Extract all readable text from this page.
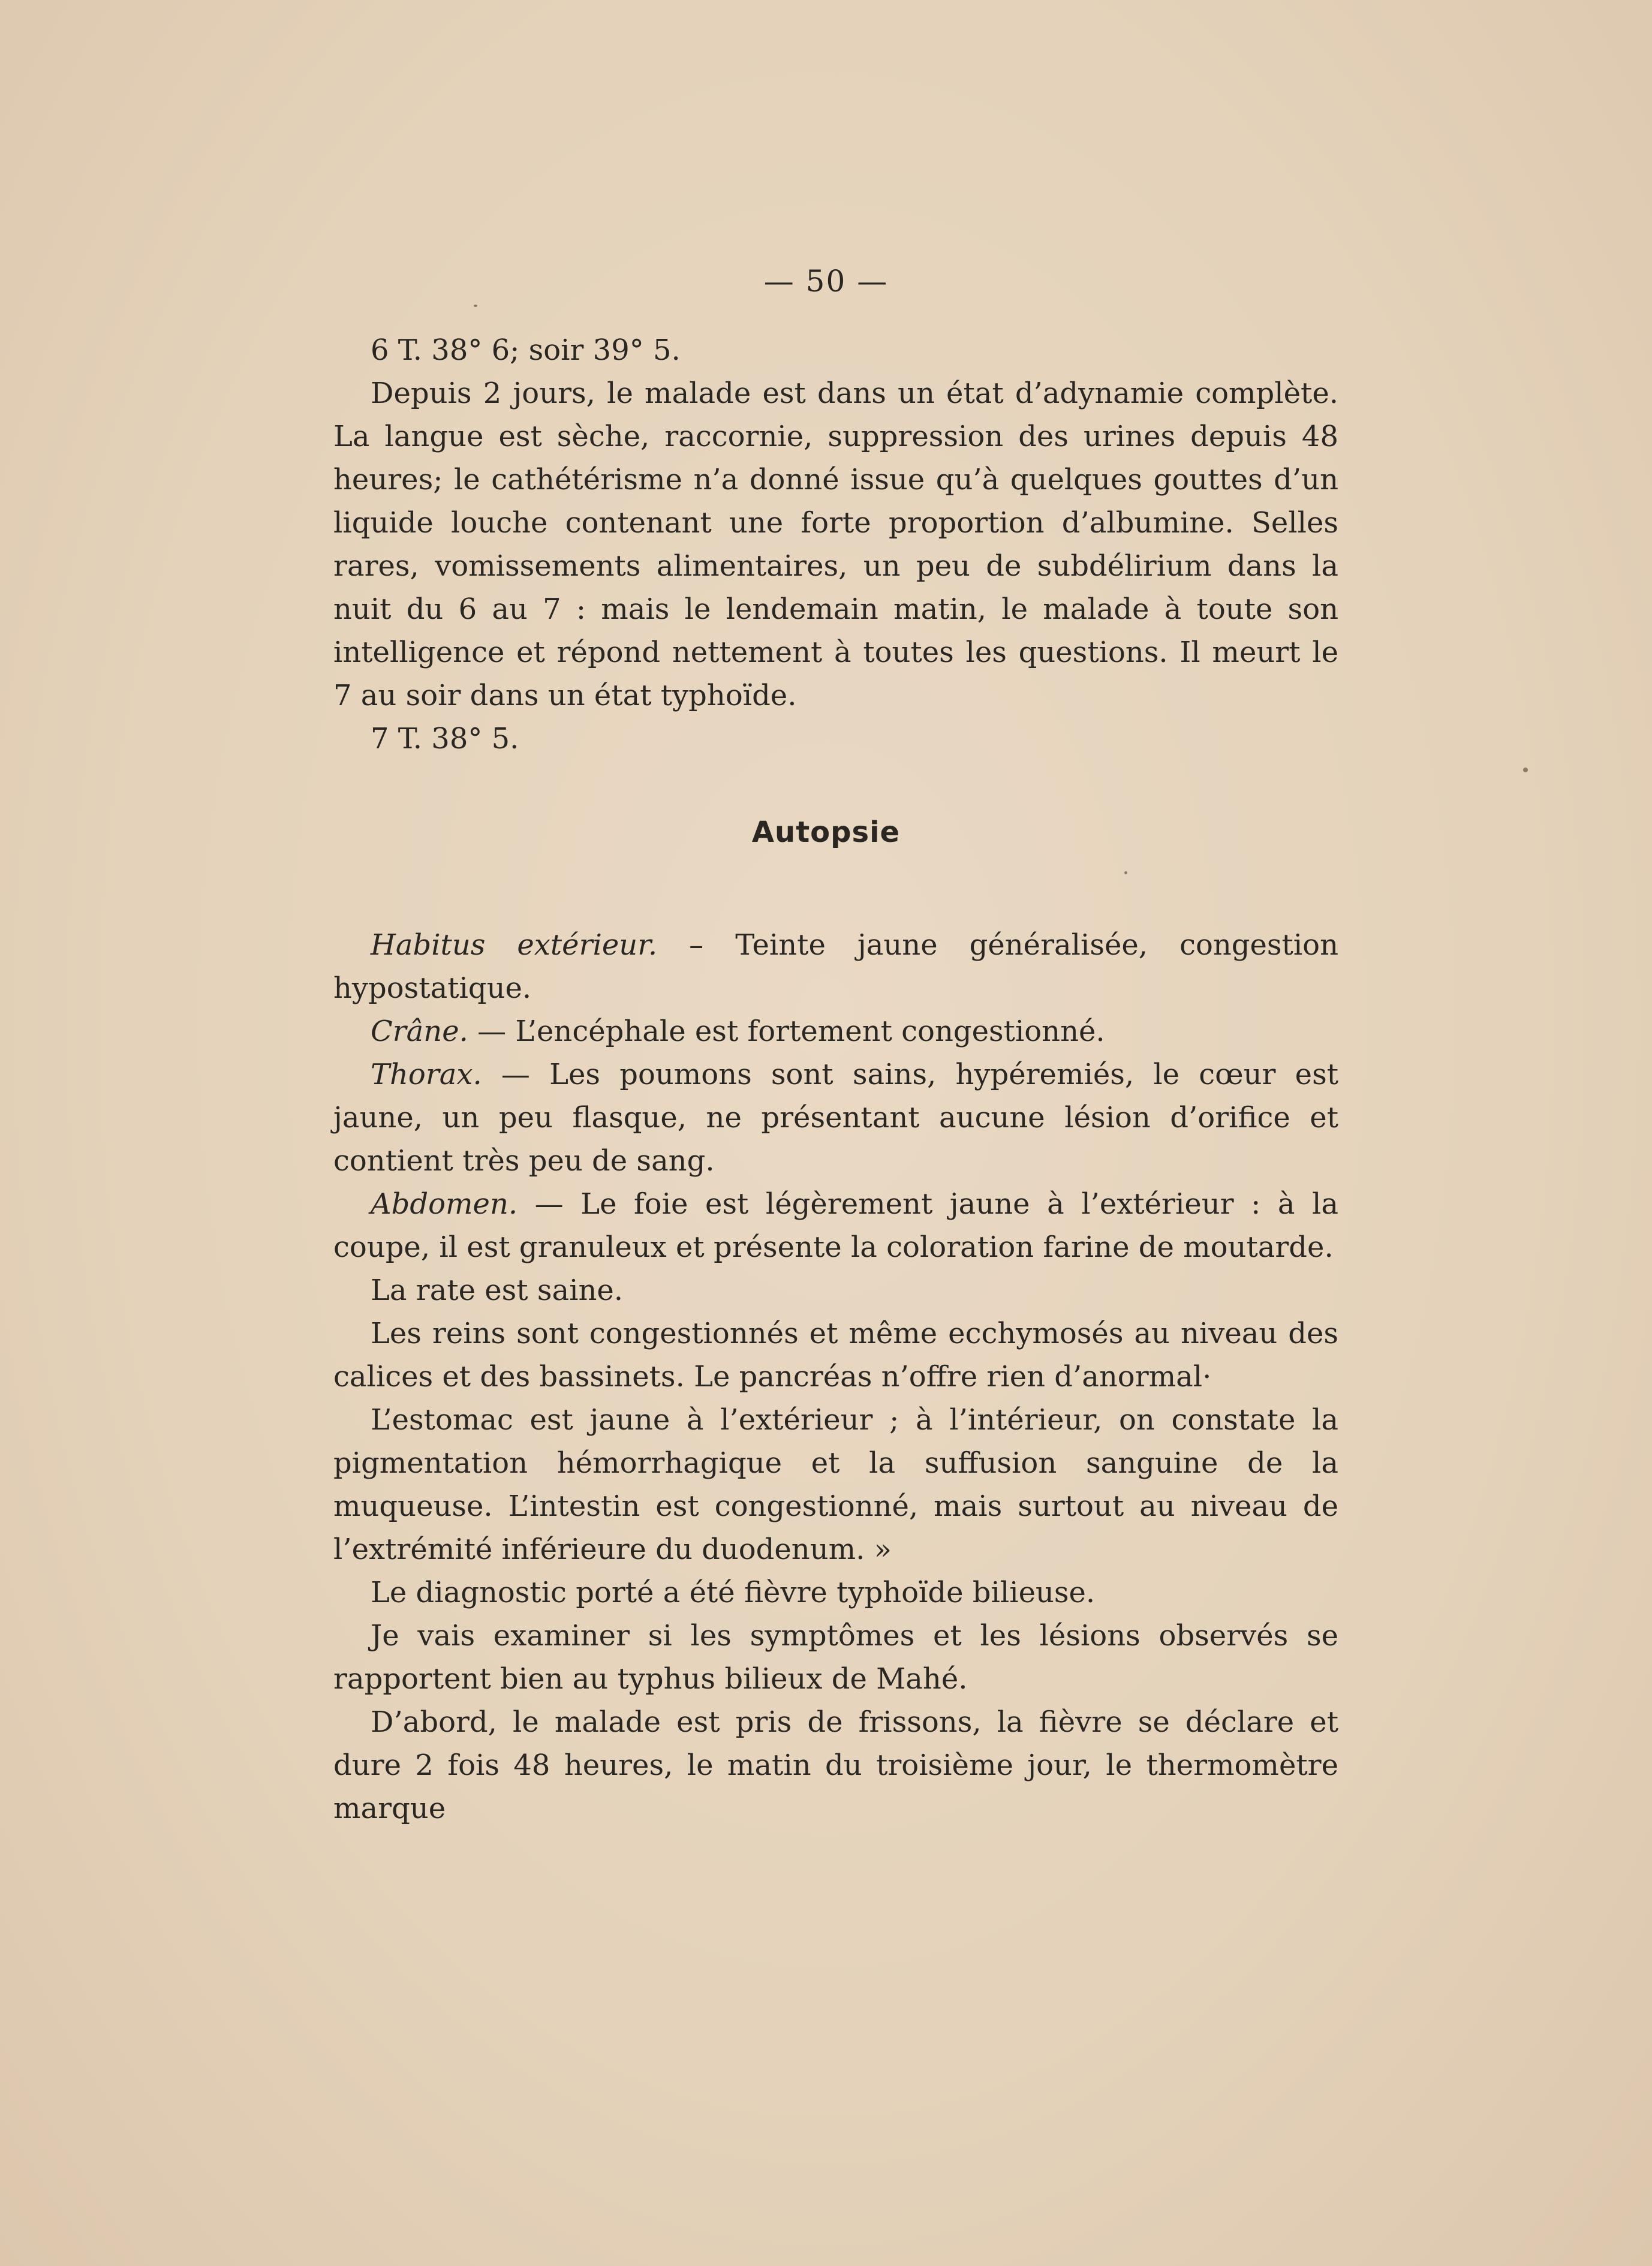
— 50 —

6 T. 38° 6; soir 39° 5.

Depuis 2 jours, le malade est dans un état d’adynamie complète. La langue est sèche, raccornie, suppression des urines depuis 48 heures; le cathétérisme n’a donné issue qu’à quelques gouttes d’un liquide louche contenant une forte proportion d’albumine. Selles rares, vomissements alimentaires, un peu de subdélirium dans la nuit du 6 au 7 : mais le lendemain matin, le malade à toute son intelligence et répond nettement à toutes les questions. Il meurt le 7 au soir dans un état typhoïde.

7 T. 38° 5.

Autopsie

Habitus extérieur. – Teinte jaune généralisée, congestion hypostatique.

Crâne. — L’encéphale est fortement congestionné.

Thorax. — Les poumons sont sains, hypéremiés, le cœur est jaune, un peu flasque, ne présentant aucune lésion d’orifice et contient très peu de sang.

Abdomen. — Le foie est légèrement jaune à l’extérieur : à la coupe, il est granuleux et présente la coloration farine de moutarde.

La rate est saine.

Les reins sont congestionnés et même ecchymosés au niveau des calices et des bassinets. Le pancréas n’offre rien d’anormal·

L’estomac est jaune à l’extérieur ; à l’intérieur, on constate la pigmentation hémorrhagique et la suffusion sanguine de la muqueuse. L’intestin est congestionné, mais surtout au niveau de l’extrémité inférieure du duodenum. »

Le diagnostic porté a été fièvre typhoïde bilieuse.

Je vais examiner si les symptômes et les lésions observés se rapportent bien au typhus bilieux de Mahé.

D’abord, le malade est pris de frissons, la fièvre se déclare et dure 2 fois 48 heures, le matin du troisième jour, le thermomètre marque
